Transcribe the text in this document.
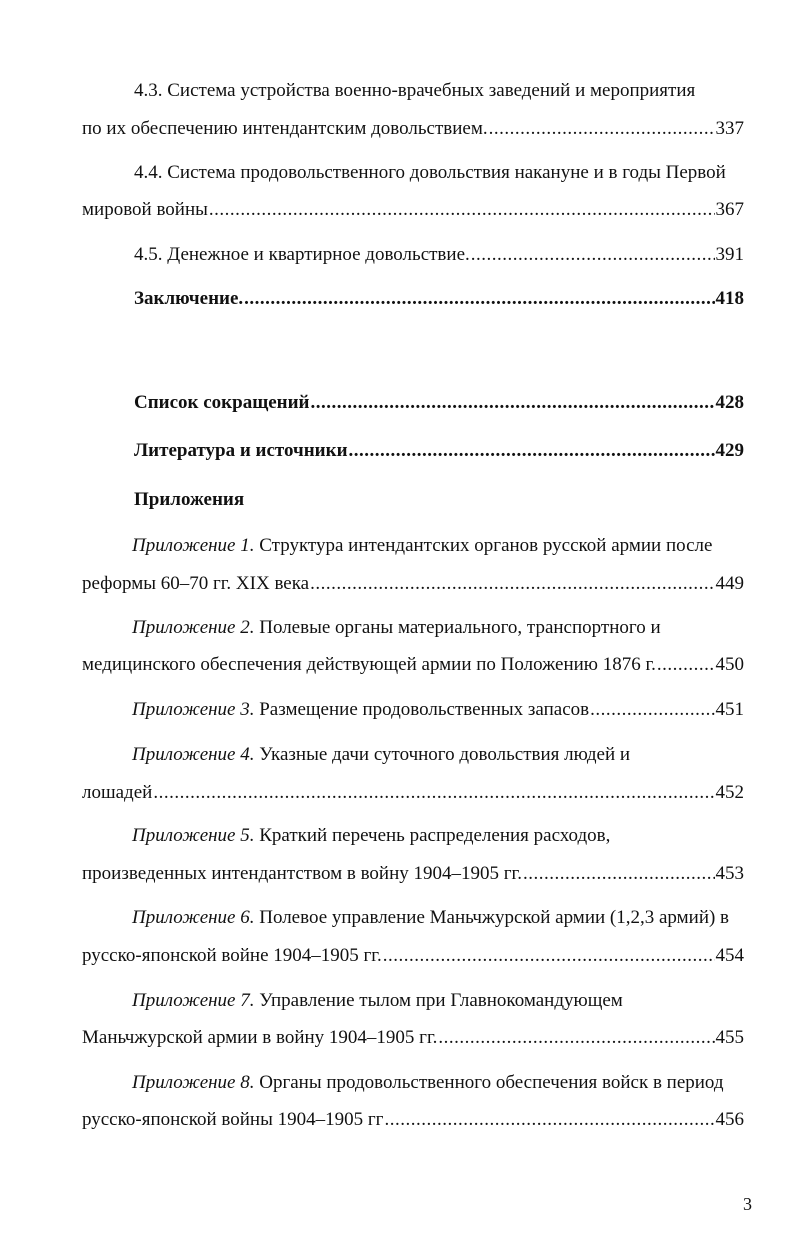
4.3. Система устройства военно-врачебных заведений и мероприятия
по их обеспечению интендантским довольствием. .....	337
4.4. Система продовольственного довольствия накануне и в годы Первой
мировой войны .....	367
4.5. Денежное и квартирное довольствие. .....	391
Заключение. .....	418
Список сокращений .....	428
Литература и источники .....	429
Приложения
Приложение 1. Структура интендантских органов русской армии после
реформы 60–70 гг. XIX века .....	449
Приложение 2. Полевые органы материального, транспортного и
медицинского обеспечения действующей армии по Положению 1876 г. .....	450
Приложение 3. Размещение продовольственных запасов .....	451
Приложение 4. Указные дачи суточного довольствия людей и
лошадей .....	452
Приложение 5. Краткий перечень распределения расходов,
произведенных интендантством в войну 1904–1905 гг. .....	453
Приложение 6. Полевое управление Маньчжурской армии (1,2,3 армий) в
русско-японской войне 1904–1905 гг. .....	454
Приложение 7. Управление тылом при Главнокомандующем
Маньчжурской армии в войну 1904–1905 гг. .....	455
Приложение 8. Органы продовольственного обеспечения войск в период
русско-японской войны 1904–1905 гг .....	456
3
